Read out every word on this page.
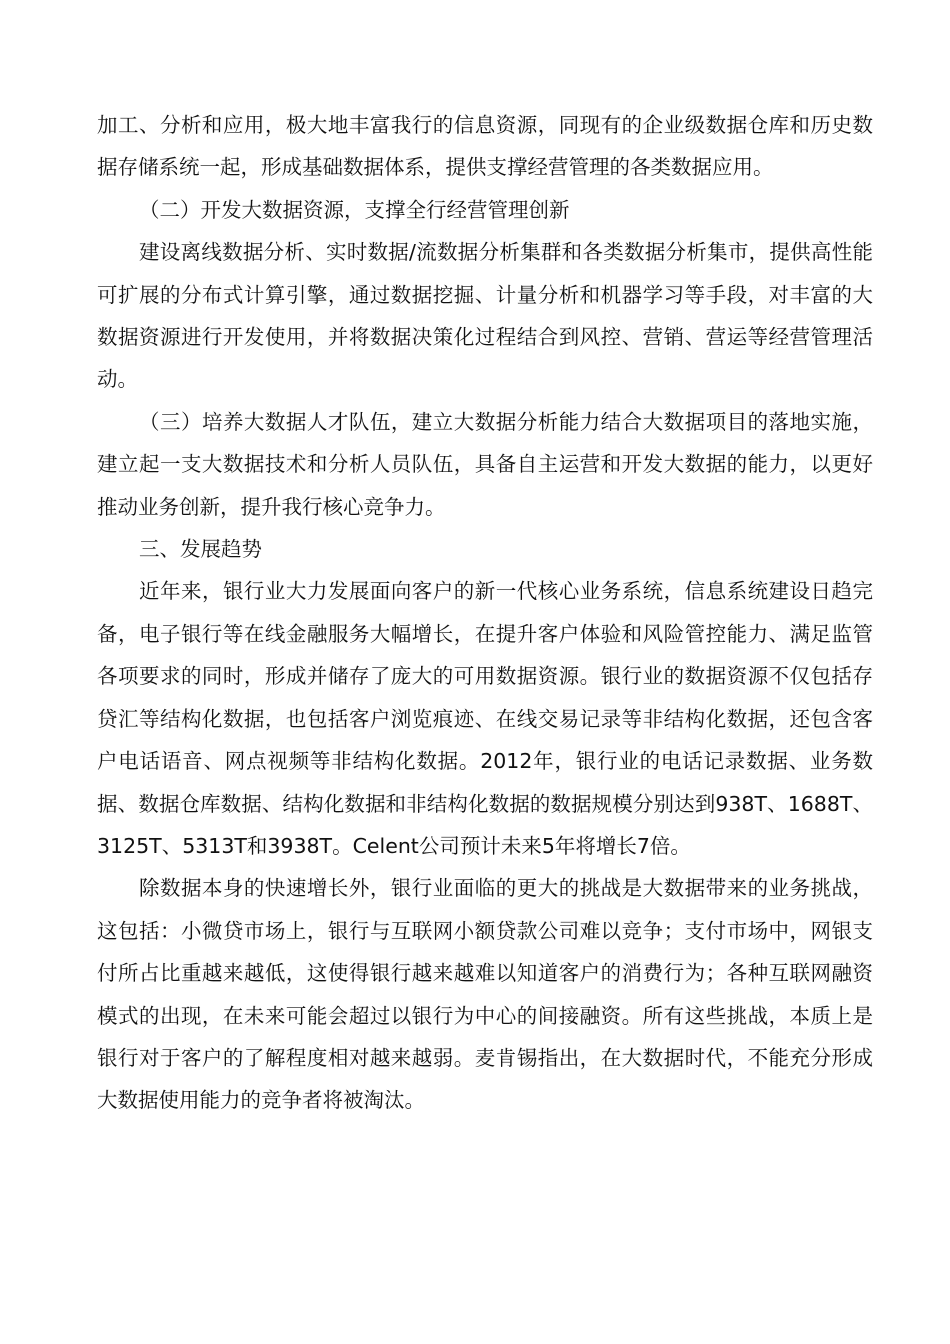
加工、分析和应用，极大地丰富我行的信息资源，同现有的企业级数据仓库和历史数据存储系统一起，形成基础数据体系，提供支撑经营管理的各类数据应用。

（二）开发大数据资源，支撑全行经营管理创新

建设离线数据分析、实时数据/流数据分析集群和各类数据分析集市，提供高性能可扩展的分布式计算引擎，通过数据挖掘、计量分析和机器学习等手段，对丰富的大数据资源进行开发使用，并将数据决策化过程结合到风控、营销、营运等经营管理活动。

（三）培养大数据人才队伍，建立大数据分析能力结合大数据项目的落地实施，建立起一支大数据技术和分析人员队伍，具备自主运营和开发大数据的能力，以更好推动业务创新，提升我行核心竞争力。

三、发展趋势

近年来，银行业大力发展面向客户的新一代核心业务系统，信息系统建设日趋完备，电子银行等在线金融服务大幅增长，在提升客户体验和风险管控能力、满足监管各项要求的同时，形成并储存了庞大的可用数据资源。银行业的数据资源不仅包括存贷汇等结构化数据，也包括客户浏览痕迹、在线交易记录等非结构化数据，还包含客户电话语音、网点视频等非结构化数据。2012年，银行业的电话记录数据、业务数据、数据仓库数据、结构化数据和非结构化数据的数据规模分别达到938T、1688T、3125T、5313T和3938T。Celent公司预计未来5年将增长7倍。

除数据本身的快速增长外，银行业面临的更大的挑战是大数据带来的业务挑战，这包括：小微贷市场上，银行与互联网小额贷款公司难以竞争；支付市场中，网银支付所占比重越来越低，这使得银行越来越难以知道客户的消费行为；各种互联网融资模式的出现，在未来可能会超过以银行为中心的间接融资。所有这些挑战，本质上是银行对于客户的了解程度相对越来越弱。麦肯锡指出，在大数据时代，不能充分形成大数据使用能力的竞争者将被淘汰。
